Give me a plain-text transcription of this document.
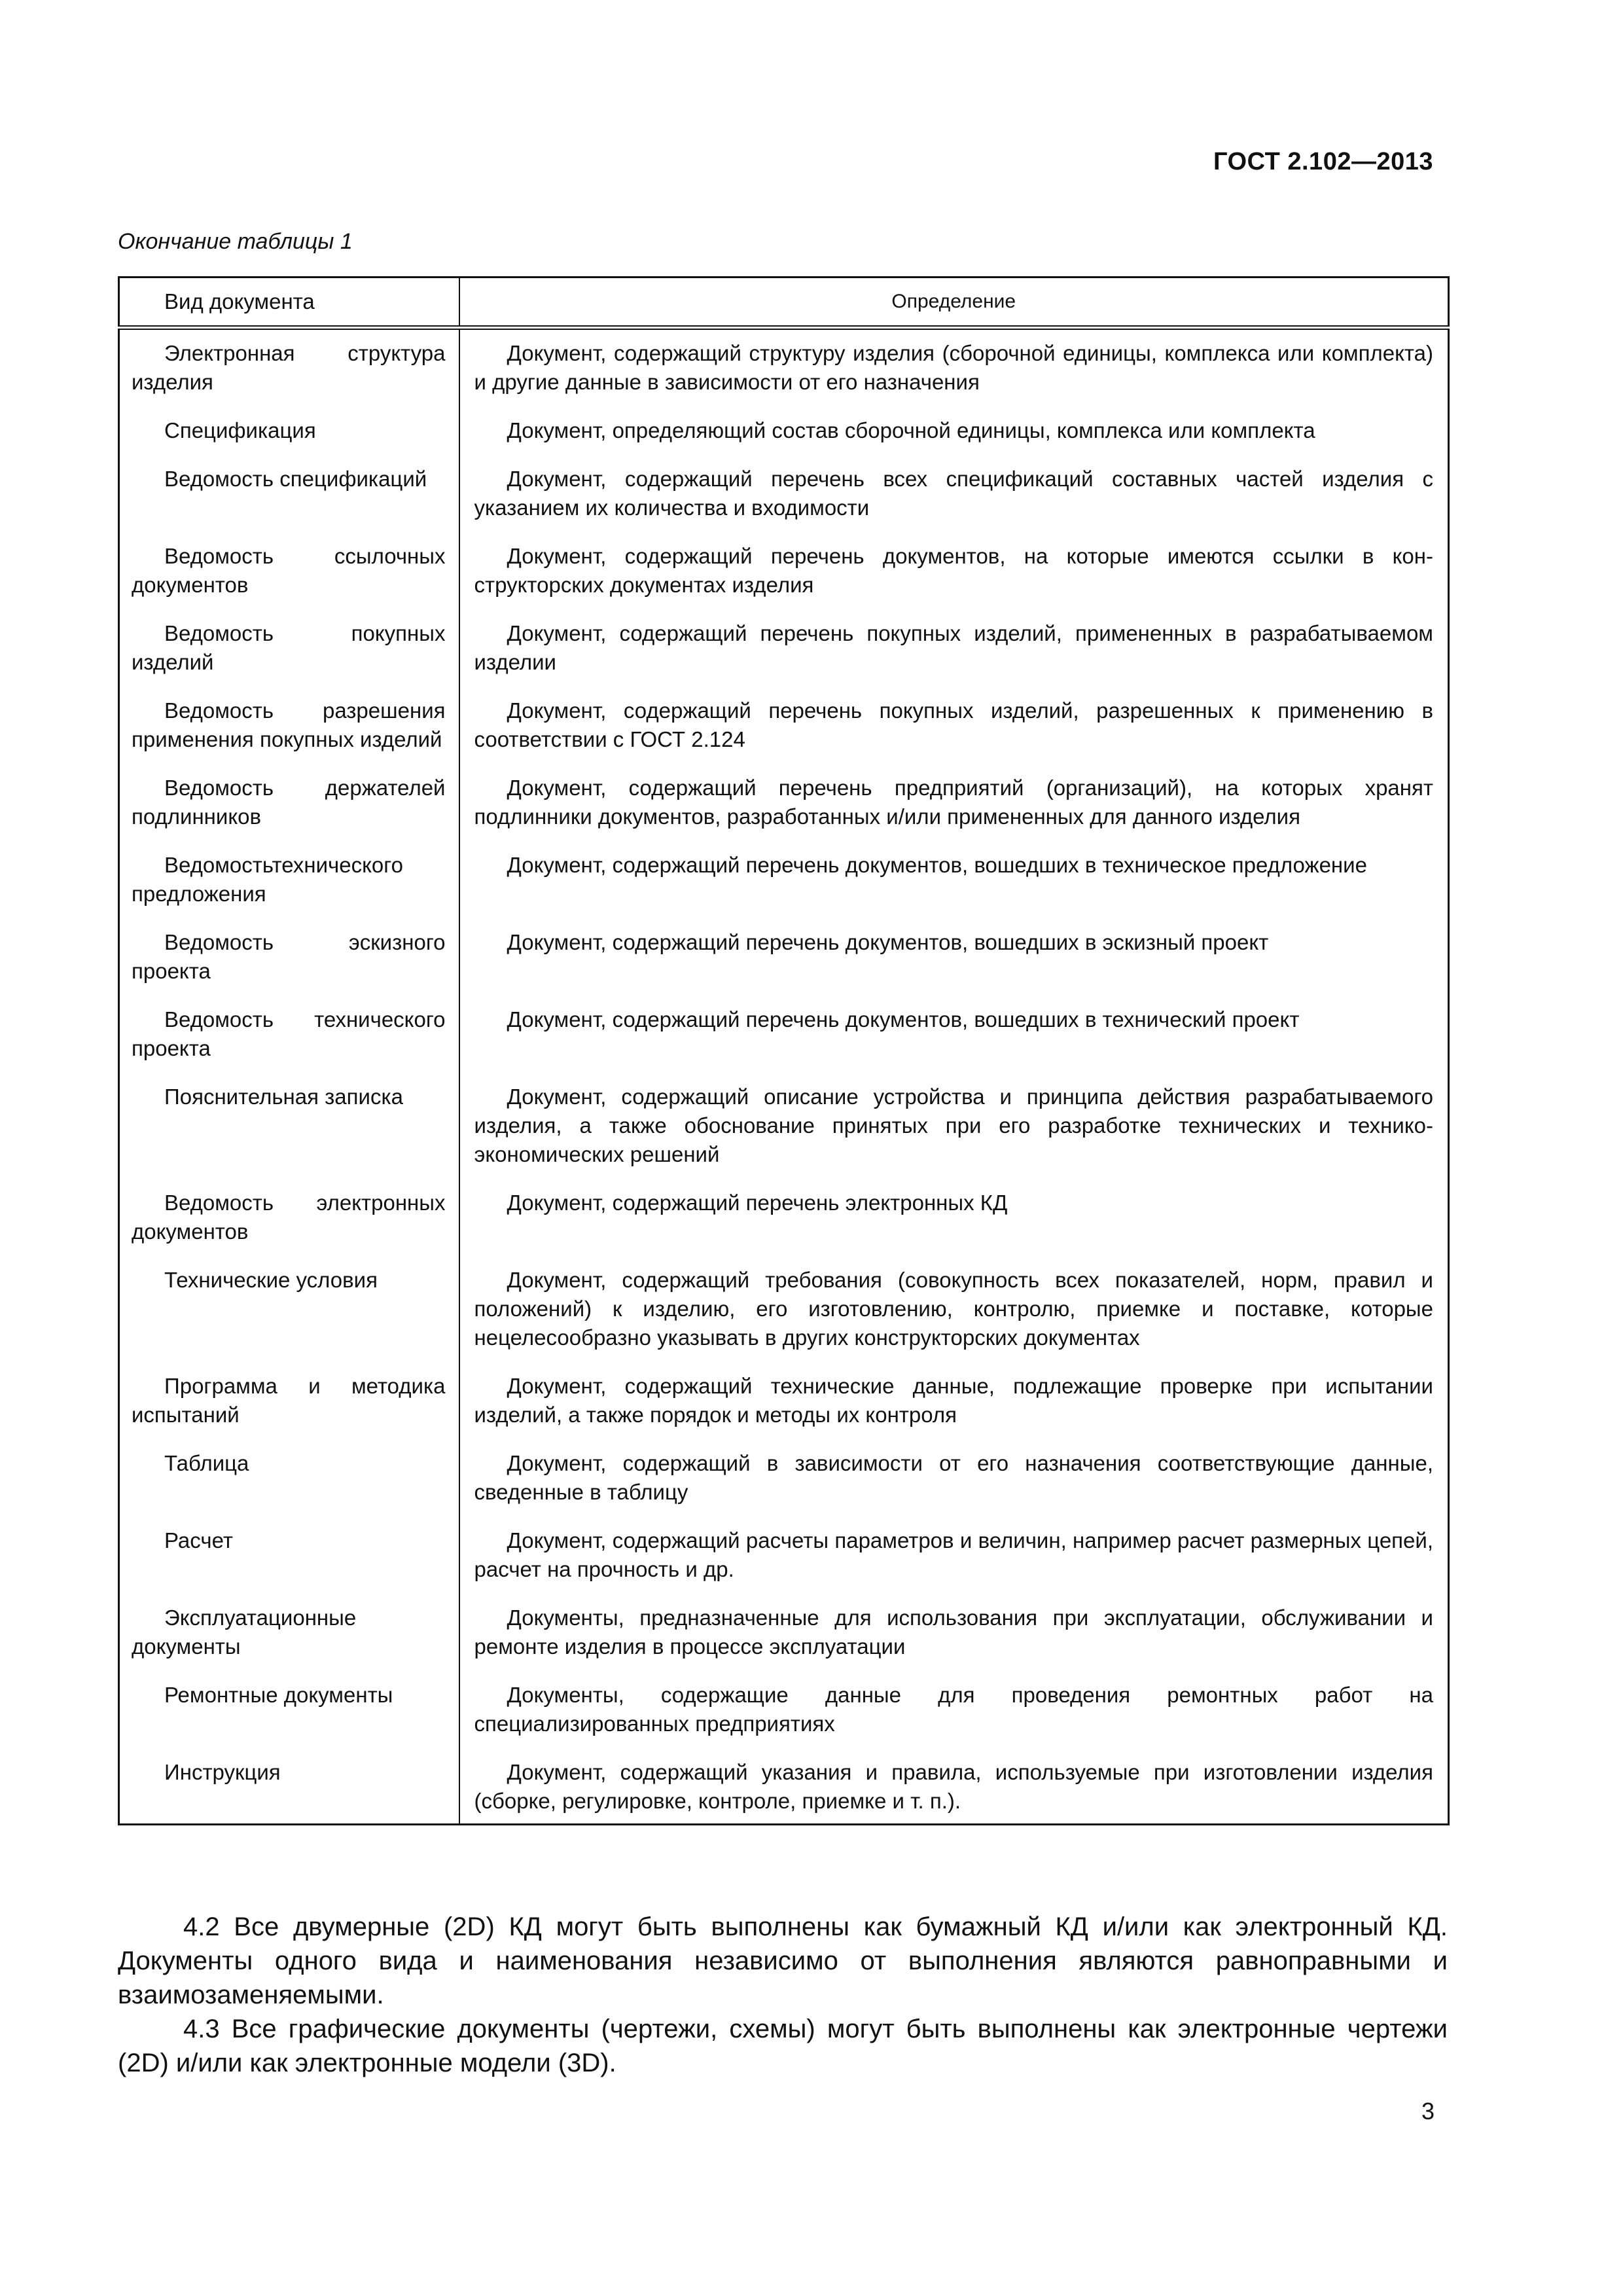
ГОСТ 2.102—2013
Окончание таблицы 1
Вид документа	Определение
Электронная структура изделия	Документ, содержащий структуру изделия (сборочной единицы, комплекса или комплекта) и другие данные в зависимости от его назначения
Спецификация	Документ, определяющий состав сборочной единицы, комплекса или комплекта
Ведомость спецификаций	Документ, содержащий перечень всех спецификаций составных частей изделия с указанием их количества и входимости
Ведомость ссылочных документов	Документ, содержащий перечень документов, на которые имеются ссылки в конструкторских документах изделия
Ведомость покупных изделий	Документ, содержащий перечень покупных изделий, примененных в разрабатываемом изделии
Ведомость разрешения применения покупных изделий	Документ, содержащий перечень покупных изделий, разрешенных к применению в соответствии с ГОСТ 2.124
Ведомость держателей подлинников	Документ, содержащий перечень предприятий (организаций), на которых хранят подлинники документов, разработанных и/или примененных для данного изделия
Ведомостьтехнического предложения	Документ, содержащий перечень документов, вошедших в техническое предложение
Ведомость эскизного проекта	Документ, содержащий перечень документов, вошедших в эскизный проект
Ведомость технического проекта	Документ, содержащий перечень документов, вошедших в технический проект
Пояснительная записка	Документ, содержащий описание устройства и принципа действия разрабатываемого изделия, а также обоснование принятых при его разработке технических и технико-экономических решений
Ведомость электронных документов	Документ, содержащий перечень электронных КД
Технические условия	Документ, содержащий требования (совокупность всех показателей, норм, правил и положений) к изделию, его изготовлению, контролю, приемке и поставке, которые нецелесообразно указывать в других конструкторских документах
Программа и методика испытаний	Документ, содержащий технические данные, подлежащие проверке при испытании изделий, а также порядок и методы их контроля
Таблица	Документ, содержащий в зависимости от его назначения соответствующие данные, сведенные в таблицу
Расчет	Документ, содержащий расчеты параметров и величин, например расчет размерных цепей, расчет на прочность и др.
Эксплуатационные документы	Документы, предназначенные для использования при эксплуатации, обслуживании и ремонте изделия в процессе эксплуатации
Ремонтные документы	Документы, содержащие данные для проведения ремонтных работ на специализированных предприятиях
Инструкция	Документ, содержащий указания и правила, используемые при изготовлении изделия (сборке, регулировке, контроле, приемке и т. п.).

4.2 Все двумерные (2D) КД могут быть выполнены как бумажный КД и/или как электронный КД. Документы одного вида и наименования независимо от выполнения являются равноправными и взаимозаменяемыми.

4.3 Все графические документы (чертежи, схемы) могут быть выполнены как электронные чертежи (2D) и/или как электронные модели (3D).

3
